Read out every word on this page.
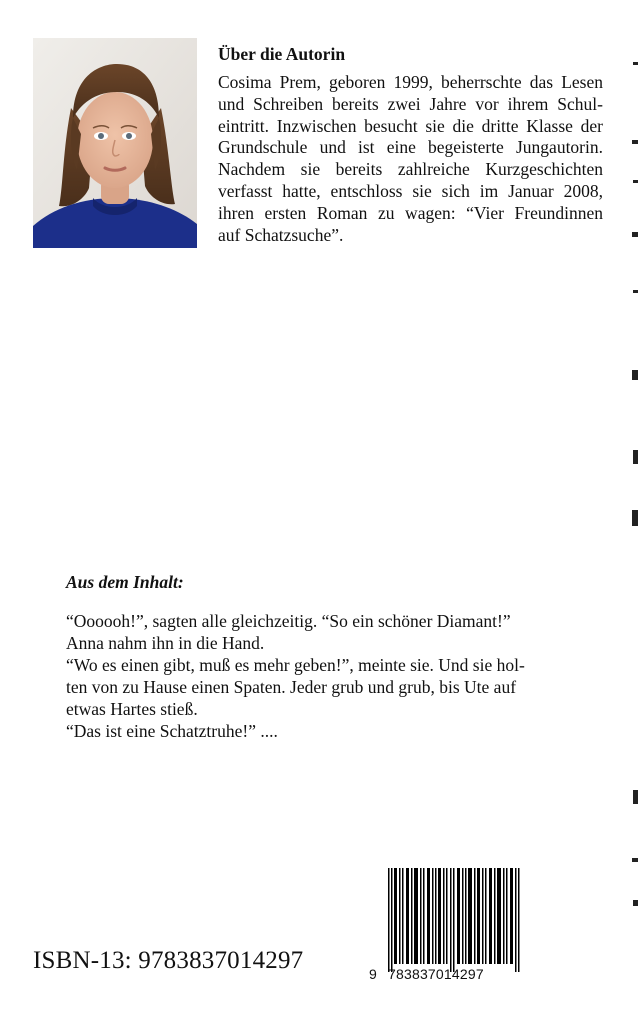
Über die Autorin

Cosima Prem, geboren 1999, beherrschte das Lesen
und Schreiben bereits zwei Jahre vor ihrem Schul-
eintritt. Inzwischen besucht sie die dritte Klasse der
Grundschule und ist eine begeisterte Jungautorin.
Nachdem sie bereits zahlreiche Kurzgeschichten
verfasst hatte, entschloss sie sich im Januar 2008,
ihren ersten Roman zu wagen: “Vier Freundinnen
auf Schatzsuche”.

Aus dem Inhalt:

“Oooooh!”, sagten alle gleichzeitig. “So ein schöner Diamant!”
Anna nahm ihn in die Hand.
“Wo es einen gibt, muß es mehr geben!”, meinte sie. Und sie hol-
ten von zu Hause einen Spaten. Jeder grub und grub, bis Ute auf
etwas Hartes stieß.
“Das ist eine Schatztruhe!” ....

ISBN-13: 9783837014297	9 783837014297
